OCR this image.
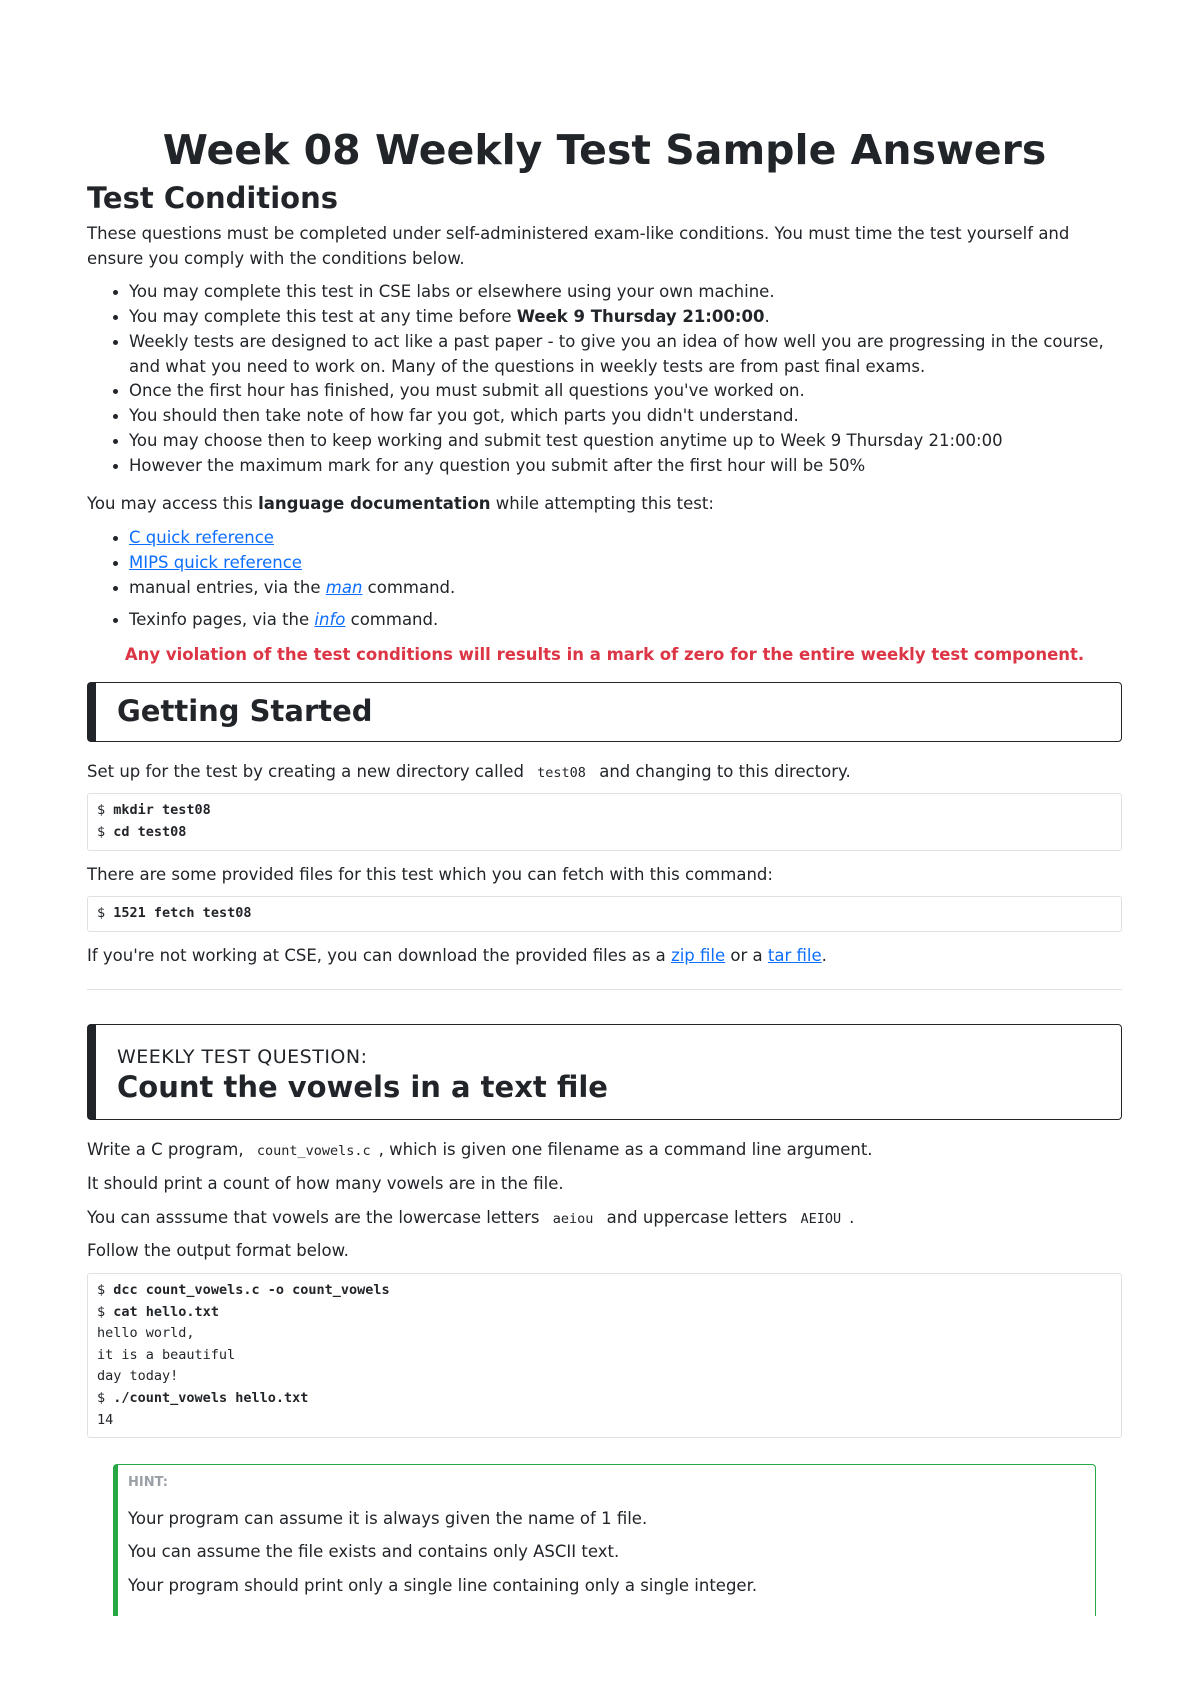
Week 08 Weekly Test Sample Answers
Test Conditions

These questions must be completed under self-administered exam-like conditions. You must time the test yourself and ensure you comply with the conditions below.

• You may complete this test in CSE labs or elsewhere using your own machine.
• You may complete this test at any time before Week 9 Thursday 21:00:00.
• Weekly tests are designed to act like a past paper - to give you an idea of how well you are progressing in the course, and what you need to work on. Many of the questions in weekly tests are from past final exams.
• Once the first hour has finished, you must submit all questions you've worked on.
• You should then take note of how far you got, which parts you didn't understand.
• You may choose then to keep working and submit test question anytime up to Week 9 Thursday 21:00:00
• However the maximum mark for any question you submit after the first hour will be 50%

You may access this language documentation while attempting this test:

• C quick reference
• MIPS quick reference
• manual entries, via the man command.
• Texinfo pages, via the info command.

Any violation of the test conditions will results in a mark of zero for the entire weekly test component.

Getting Started

Set up for the test by creating a new directory called test08 and changing to this directory.

$ mkdir test08
$ cd test08

There are some provided files for this test which you can fetch with this command:

$ 1521 fetch test08

If you're not working at CSE, you can download the provided files as a zip file or a tar file.

WEEKLY TEST QUESTION:
Count the vowels in a text file

Write a C program, count_vowels.c , which is given one filename as a command line argument.

It should print a count of how many vowels are in the file.

You can asssume that vowels are the lowercase letters aeiou and uppercase letters AEIOU .

Follow the output format below.

$ dcc count_vowels.c -o count_vowels
$ cat hello.txt
hello world,
it is a beautiful
day today!
$ ./count_vowels hello.txt
14
HINT:

Your program can assume it is always given the name of 1 file.

You can assume the file exists and contains only ASCII text.

Your program should print only a single line containing only a single integer.
